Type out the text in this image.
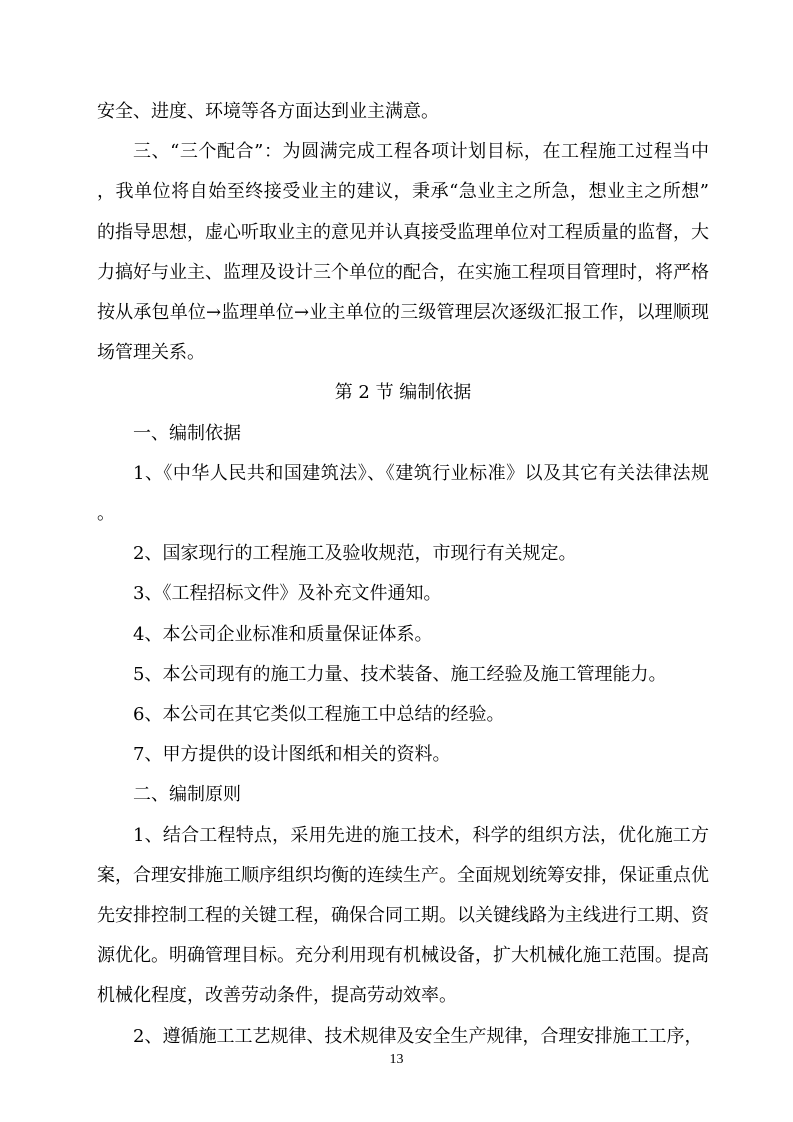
安全、进度、环境等各方面达到业主满意。

三、“三个配合”：为圆满完成工程各项计划目标，在工程施工过程当中，我单位将自始至终接受业主的建议，秉承“急业主之所急，想业主之所想”的指导思想，虚心听取业主的意见并认真接受监理单位对工程质量的监督，大力搞好与业主、监理及设计三个单位的配合，在实施工程项目管理时，将严格按从承包单位→监理单位→业主单位的三级管理层次逐级汇报工作，以理顺现场管理关系。

第 2 节 编制依据

一、编制依据

1、《中华人民共和国建筑法》、《建筑行业标准》以及其它有关法律法规。

2、国家现行的工程施工及验收规范，市现行有关规定。

3、《工程招标文件》及补充文件通知。

4、本公司企业标准和质量保证体系。

5、本公司现有的施工力量、技术装备、施工经验及施工管理能力。

6、本公司在其它类似工程施工中总结的经验。

7、甲方提供的设计图纸和相关的资料。

二、编制原则

1、结合工程特点，采用先进的施工技术，科学的组织方法，优化施工方案，合理安排施工顺序组织均衡的连续生产。全面规划统筹安排，保证重点优先安排控制工程的关键工程，确保合同工期。以关键线路为主线进行工期、资源优化。明确管理目标。充分利用现有机械设备，扩大机械化施工范围。提高机械化程度，改善劳动条件，提高劳动效率。

2、遵循施工工艺规律、技术规律及安全生产规律，合理安排施工工序，

13
